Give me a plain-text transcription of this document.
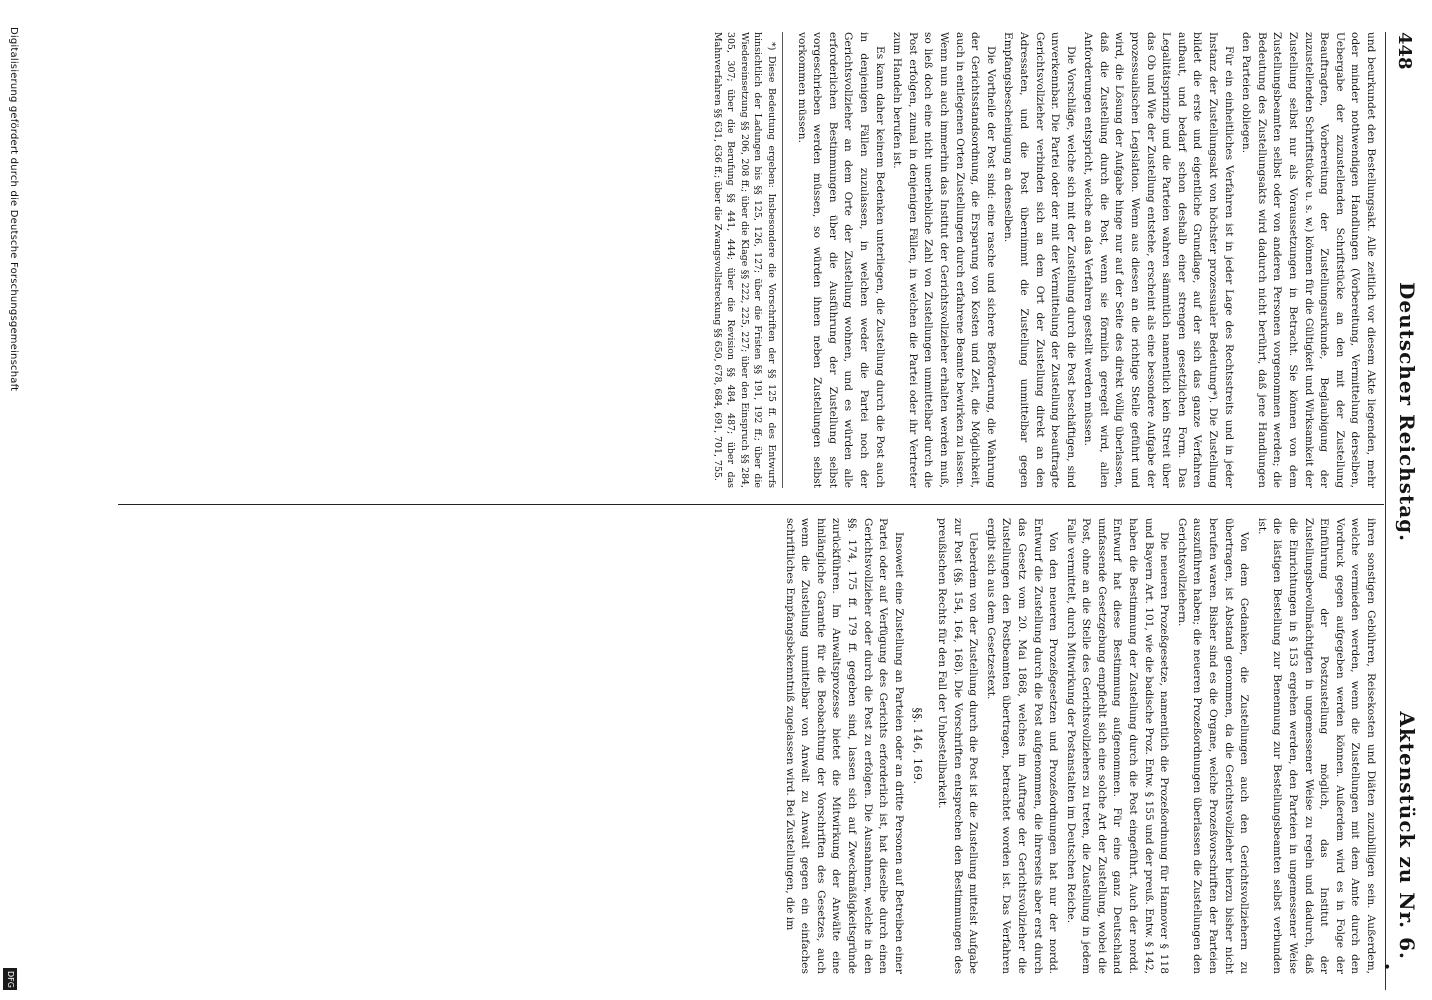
Digitalisierung gefördert durch die Deutsche Forschungsgemeinschaft
DFG
448
Deutscher Reichstag.
Aktenstück zu Nr. 6.

und beurkundet den Bestellungsakt. Alle zeitlich vor diesem Akte liegenden, mehr oder minder nothwendigen Handlungen (Vorbereitung, Vermittelung derselben, Uebergabe der zuzustellenden Schriftstücke an den mit der Zustellung Beauftragten, Vorbereitung der Zustellungsurkunde, Beglaubigung der zuzustellenden Schriftstücke u. s. w.) können für die Gültigkeit und Wirksamkeit der Zustellung selbst nur als Voraussetzungen in Betracht. Sie können von dem Zustellungsbeamten selbst oder von anderen Personen vorgenommen werden; die Bedeutung des Zustellungsakts wird dadurch nicht berührt, daß jene Handlungen den Parteien obliegen.

Für ein einheitliches Verfahren ist in jeder Lage des Rechtsstreits und in jeder Instanz der Zustellungsakt von höchster prozessualer Bedeutung*). Die Zustellung bildet die erste und eigentliche Grundlage, auf der sich das ganze Verfahren aufbaut, und bedarf schon deshalb einer strengen gesetzlichen Form. Das Legalitätsprinzip und die Parteien wahren sämmtlich namentlich kein Streit über das Ob und Wie der Zustellung entstehe, erscheint als eine besondere Aufgabe der prozessualischen Legislation. Wenn aus diesen an die richtige Stelle geführt und wird, die Lösung der Aufgabe hinge nur auf der Seite des direkt völlig überlassen, daß die Zustellung durch die Post, wenn sie förmlich geregelt wird, allen Anforderungen entspricht, welche an das Verfahren gestellt werden müssen.

Die Vorschläge, welche sich mit der Zustellung durch die Post beschäftigen, sind unverkennbar. Die Partei oder der mit der Vermittelung der Zustellung beauftragte Gerichtsvollzieher verbinden sich an dem Ort der Zustellung direkt an den Adressaten, und die Post übernimmt die Zustellung unmittelbar gegen Empfangsbescheinigung an denselben.

Die Vortheile der Post sind: eine rasche und sichere Beförderung, die Wahrung der Gerichtsstandsordnung, die Ersparung von Kosten und Zeit, die Möglichkeit, auch in entlegenen Orten Zustellungen durch erfahrene Beamte bewirken zu lassen. Wenn nun auch immerhin das Institut der Gerichtsvollzieher erhalten werden muß, so ließ doch eine nicht unerhebliche Zahl von Zustellungen unmittelbar durch die Post erfolgen, zumal in denjenigen Fällen, in welchen die Partei oder ihr Vertreter zum Handeln berufen ist.

Es kann daher keinem Bedenken unterliegen, die Zustellung durch die Post auch in denjenigen Fällen zuzulassen, in welchen weder die Partei noch der Gerichtsvollzieher an dem Orte der Zustellung wohnen, und es würden alle erforderlichen Bestimmungen über die Ausführung der Zustellung selbst vorgeschrieben werden müssen, so würden ihnen neben Zustellungen selbst vorkommen müssen.

*) Diese Bedeutung ergeben: Insbesondere die Vorschriften der §§ 125 ff. des Entwurfs hinsichtlich der Ladungen bis §§ 125, 126, 127; über die Fristen §§ 191, 192 ff.; über die Wiedereinsetzung §§ 206, 208 ff.; über die Klage §§ 222, 225, 227; über den Einspruch §§ 284, 305, 307; über die Berufung §§ 441, 444; über die Revision §§ 484, 487; über das Mahnverfahren §§ 631, 636 ff.; über die Zwangsvollstreckung §§ 650, 678, 684, 691, 701, 755.

ihren sonstigen Gebühren, Reisekosten und Diäten zuzubilligen sein. Außerdem, welche vermieden werden, wenn die Zustellungen mit dem Amte durch den Vordruck gegen aufgegeben werden können. Außerdem wird es in Folge der Einführung der Postzustellung möglich, das Institut der Zustellungsbevollmächtigten in ungemessener Weise zu regeln und dadurch, daß die Einrichtungen in § 153 ergehen werden, den Parteien in ungemessener Weise die lästigen Bestellung zur Benennung zur Bestellungsbeamten selbst verbunden ist.

Von dem Gedanken, die Zustellungen auch den Gerichtsvollziehern zu übertragen, ist Abstand genommen, da die Gerichtsvollzieher hierzu bisher nicht berufen waren. Bisher sind es die Organe, welche Prozeßvorschriften der Parteien auszuführen haben; die neueren Prozeßordnungen überlassen die Zustellungen den Gerichtsvollziehern.

Die neueren Prozeßgesetze, namentlich die Prozeßordnung für Hannover § 118 und Bayern Art. 101, wie die badische Proz. Entw. § 155 und der preuß. Entw. § 142, haben die Bestimmung der Zustellung durch die Post eingeführt. Auch der nordd. Entwurf hat diese Bestimmung aufgenommen. Für eine ganz Deutschland umfassende Gesetzgebung empfiehlt sich eine solche Art der Zustellung, wobei die Post, ohne an die Stelle des Gerichtsvollziehers zu treten, die Zustellung in jedem Falle vermittelt, durch Mitwirkung der Postanstalten im Deutschen Reiche.

Von den neueren Prozeßgesetzen und Prozeßordnungen hat nur der nordd. Entwurf die Zustellung durch die Post aufgenommen, die ihrerseits aber erst durch das Gesetz vom 20. Mai 1868, welches im Auftrage der Gerichtsvollzieher die Zustellungen den Postbeamten übertragen, betrachtet worden ist. Das Verfahren ergibt sich aus dem Gesetzestext.

Ueberdem von der Zustellung durch die Post ist die Zustellung mittelst Aufgabe zur Post (§§. 154, 164, 168). Die Vorschriften entsprechen den Bestimmungen des preußischen Rechts für den Fall der Unbestellbarkeit.

§§. 146, 169.

Insoweit eine Zustellung an Parteien oder an dritte Personen auf Betreiben einer Partei oder auf Verfügung des Gerichts erforderlich ist, hat dieselbe durch einen Gerichtsvollzieher oder durch die Post zu erfolgen. Die Ausnahmen, welche in den §§. 174, 175 ff. 179 ff. gegeben sind, lassen sich auf Zweckmäßigkeitsgründe zurückführen. Im Anwaltsprozesse bietet die Mitwirkung der Anwälte eine hinlängliche Garantie für die Beobachtung der Vorschriften des Gesetzes, auch wenn die Zustellung unmittelbar von Anwalt zu Anwalt gegen ein einfaches schriftliches Empfangsbekenntniß zugelassen wird. Bei Zustellungen, die im

•
